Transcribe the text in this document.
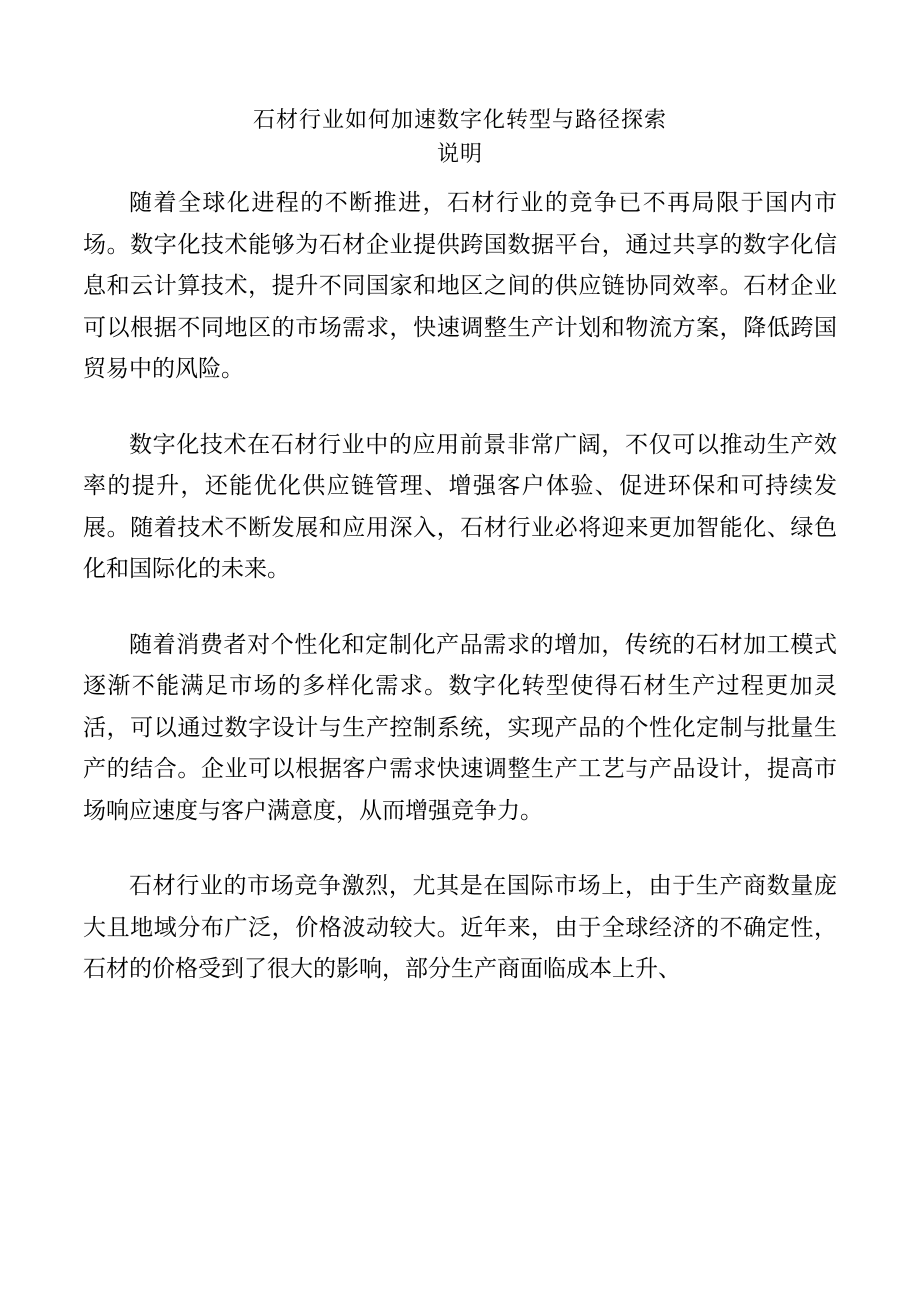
石材行业如何加速数字化转型与路径探索
说明

随着全球化进程的不断推进，石材行业的竞争已不再局限于国内市场。数字化技术能够为石材企业提供跨国数据平台，通过共享的数字化信息和云计算技术，提升不同国家和地区之间的供应链协同效率。石材企业可以根据不同地区的市场需求，快速调整生产计划和物流方案，降低跨国贸易中的风险。

数字化技术在石材行业中的应用前景非常广阔，不仅可以推动生产效率的提升，还能优化供应链管理、增强客户体验、促进环保和可持续发展。随着技术不断发展和应用深入，石材行业必将迎来更加智能化、绿色化和国际化的未来。

随着消费者对个性化和定制化产品需求的增加，传统的石材加工模式逐渐不能满足市场的多样化需求。数字化转型使得石材生产过程更加灵活，可以通过数字设计与生产控制系统，实现产品的个性化定制与批量生产的结合。企业可以根据客户需求快速调整生产工艺与产品设计，提高市场响应速度与客户满意度，从而增强竞争力。

石材行业的市场竞争激烈，尤其是在国际市场上，由于生产商数量庞大且地域分布广泛，价格波动较大。近年来，由于全球经济的不确定性，石材的价格受到了很大的影响，部分生产商面临成本上升、
